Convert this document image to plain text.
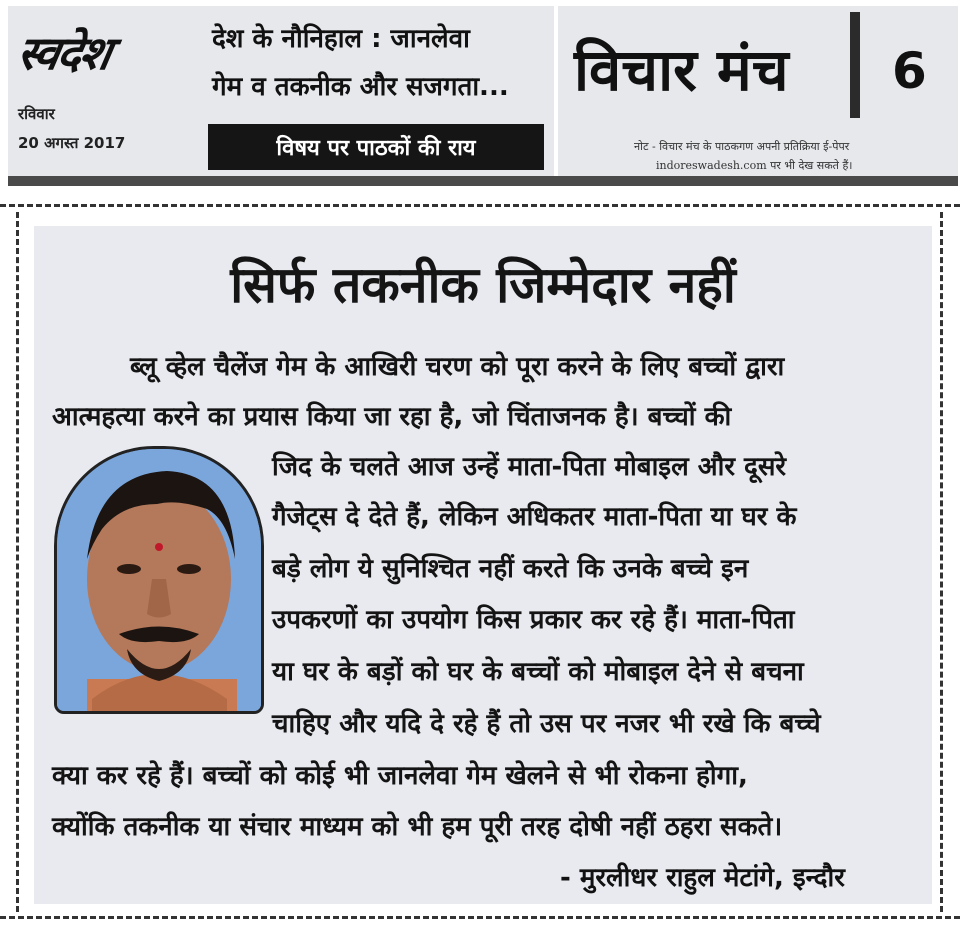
स्वदेश
रविवार
20 अगस्त 2017
देश के नौनिहाल : जानलेवा
गेम व तकनीक और सजगता...
विषय पर पाठकों की राय
विचार मंच 6
नोट - विचार मंच के पाठकगण अपनी प्रतिक्रिया ई-पेपर
indoreswadesh.com पर भी देख सकते हैं।
सिर्फ तकनीक जिम्मेदार नहीं
ब्लू व्हेल चैलेंज गेम के आखिरी चरण को पूरा करने के लिए बच्चों द्वारा
आत्महत्या करने का प्रयास किया जा रहा है, जो चिंताजनक है। बच्चों की
जिद के चलते आज उन्हें माता-पिता मोबाइल और दूसरे
गैजेट्स दे देते हैं, लेकिन अधिकतर माता-पिता या घर के
बड़े लोग ये सुनिश्चित नहीं करते कि उनके बच्चे इन
उपकरणों का उपयोग किस प्रकार कर रहे हैं। माता-पिता
या घर के बड़ों को घर के बच्चों को मोबाइल देने से बचना
चाहिए और यदि दे रहे हैं तो उस पर नजर भी रखे कि बच्चे
क्या कर रहे हैं। बच्चों को कोई भी जानलेवा गेम खेलने से भी रोकना होगा,
क्योंकि तकनीक या संचार माध्यम को भी हम पूरी तरह दोषी नहीं ठहरा सकते।
- मुरलीधर राहुल मेटांगे, इन्दौर
